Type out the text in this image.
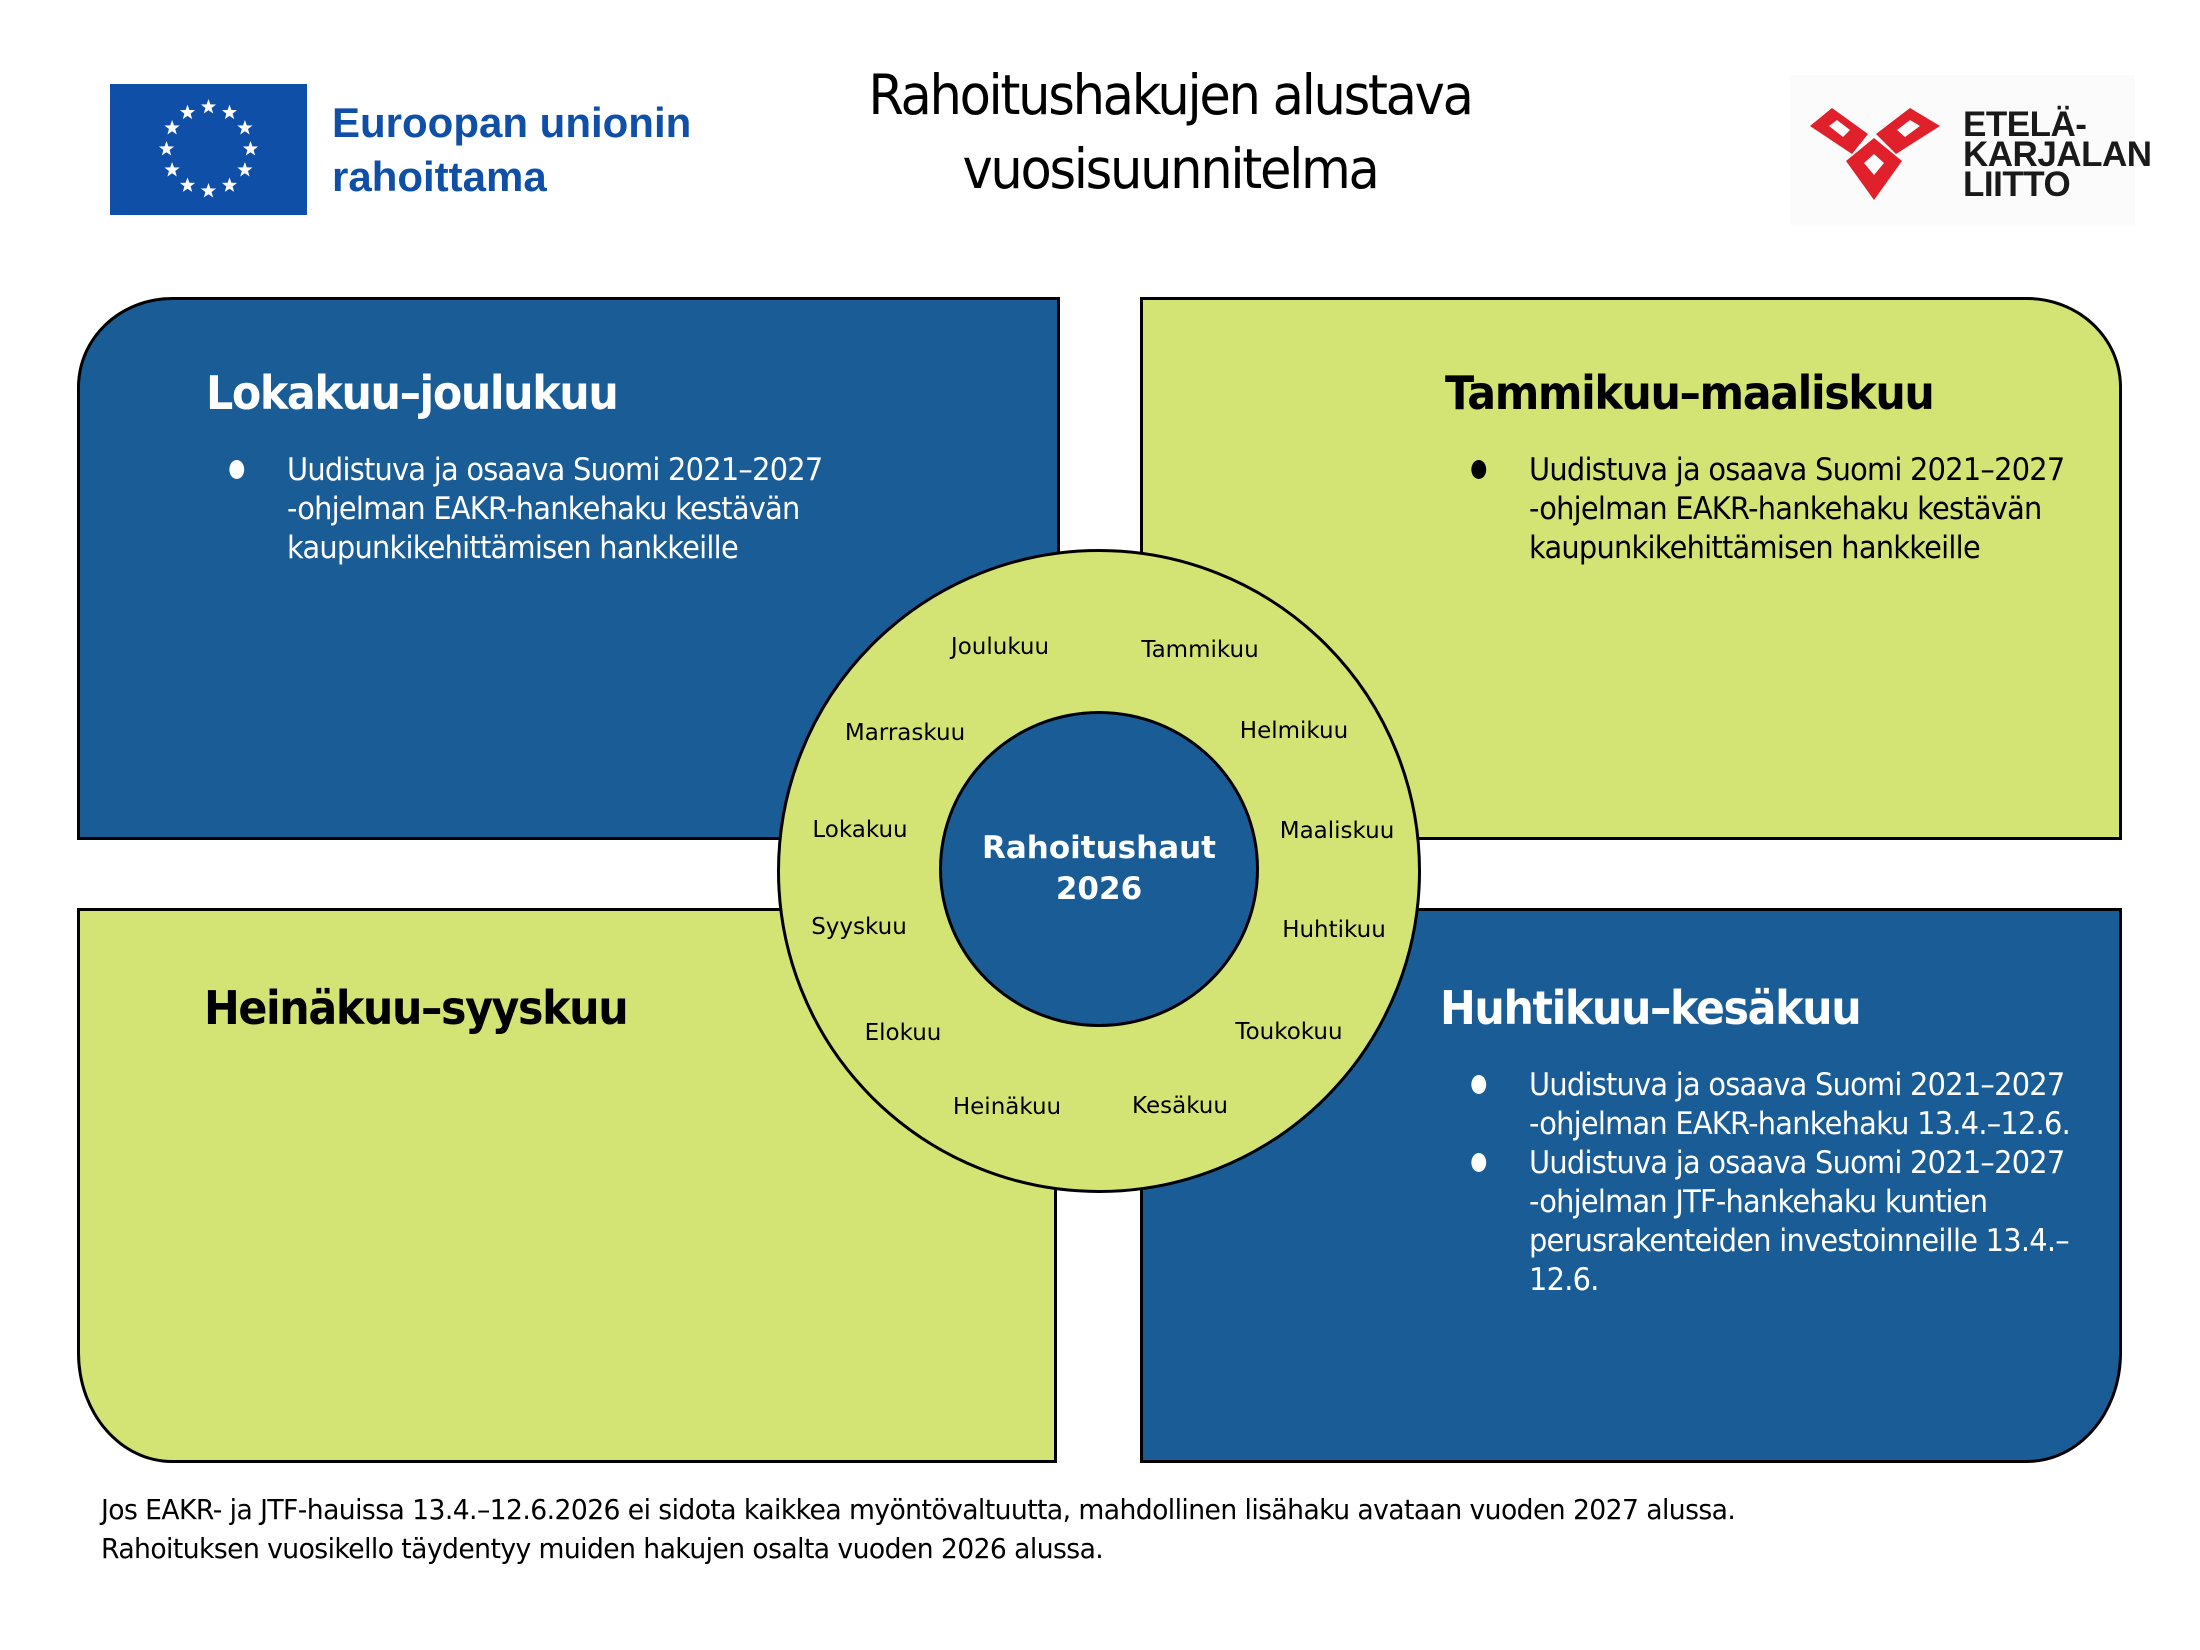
Euroopan unionin
rahoittama
Rahoitushakujen alustava
vuosisuunnitelma
ETELÄ-
KARJALAN
LIITTO
Lokakuu–joulukuu
Uudistuva ja osaava Suomi 2021–2027
-ohjelman EAKR-hankehaku kestävän
kaupunkikehittämisen hankkeille
Tammikuu–maaliskuu
Uudistuva ja osaava Suomi 2021–2027
-ohjelman EAKR-hankehaku kestävän
kaupunkikehittämisen hankkeille
Heinäkuu–syyskuu	Huhtikuu–kesäkuu
Uudistuva ja osaava Suomi 2021–2027
-ohjelman EAKR-hankehaku 13.4.–12.6.
Uudistuva ja osaava Suomi 2021–2027
-ohjelman JTF-hankehaku kuntien
perusrakenteiden investoinneille 13.4.–
12.6.
Rahoitushaut
2026
Tammikuu
Helmikuu
Maaliskuu
Huhtikuu
Toukokuu
Kesäkuu
Heinäkuu
Elokuu
Syyskuu
Lokakuu
Marraskuu
Joulukuu
Jos EAKR- ja JTF-hauissa 13.4.–12.6.2026 ei sidota kaikkea myöntövaltuutta, mahdollinen lisähaku avataan vuoden 2027 alussa.
Rahoituksen vuosikello täydentyy muiden hakujen osalta vuoden 2026 alussa.
